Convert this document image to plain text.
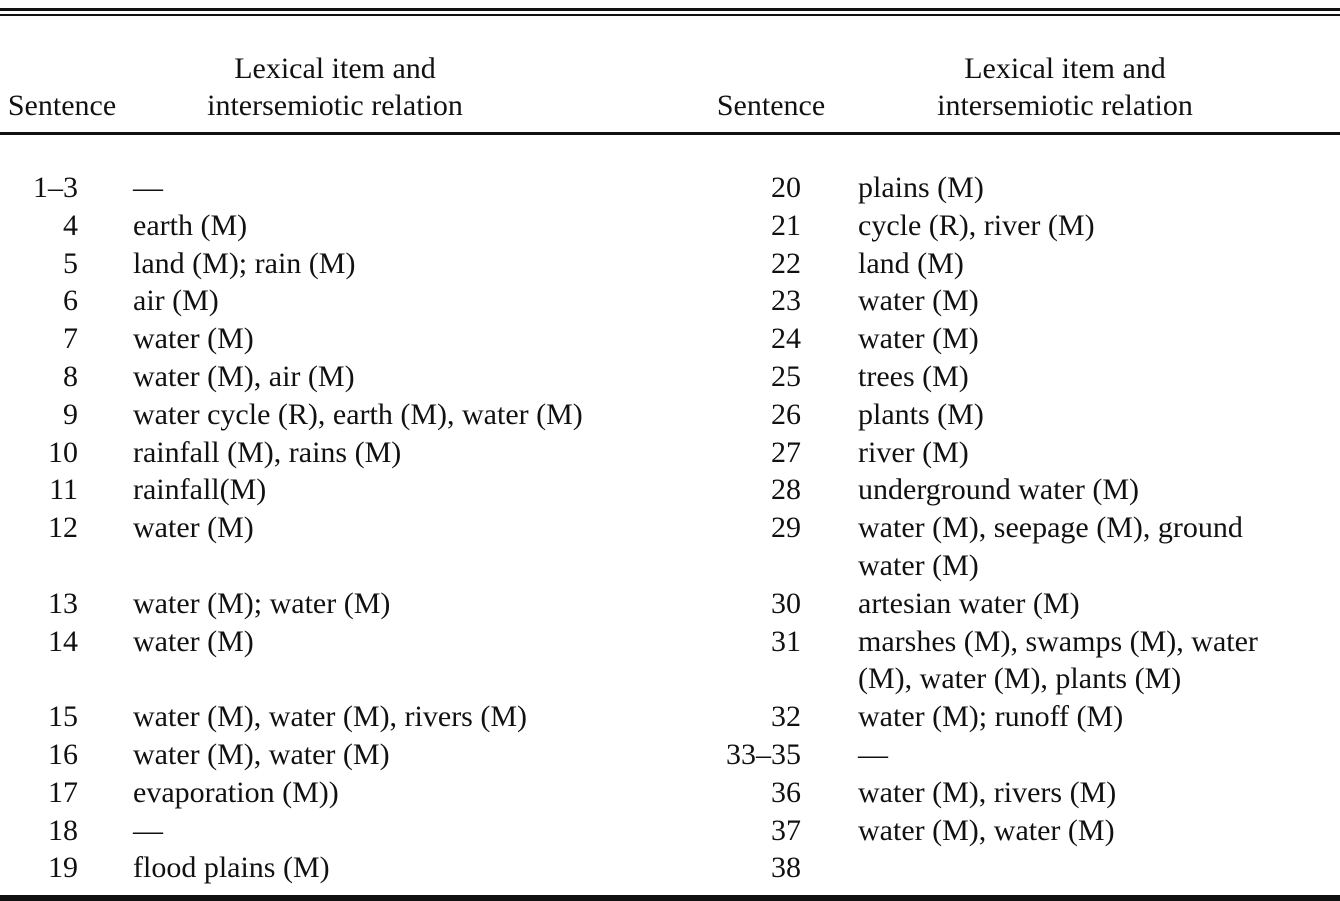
Sentence
Lexical item and
intersemiotic relation	Sentence
Lexical item and
intersemiotic relation
1–3 —
4 earth (M)
5 land (M); rain (M)
6 air (M)
7 water (M)
8 water (M), air (M)
9 water cycle (R), earth (M), water (M)
10 rainfall (M), rains (M)
11 rainfall(M)
12 water (M)
13 water (M); water (M)
14 water (M)
15 water (M), water (M), rivers (M)
16 water (M), water (M)
17 evaporation (M))
18 —
19 flood plains (M)
20 plains (M)
21 cycle (R), river (M)
22 land (M)
23 water (M)
24 water (M)
25 trees (M)
26 plants (M)
27 river (M)
28 underground water (M)
29 water (M), seepage (M), ground
water (M)
30 artesian water (M)
31 marshes (M), swamps (M), water
(M), water (M), plants (M)
32 water (M); runoff (M)
33–35 —
36 water (M), rivers (M)
37 water (M), water (M)
38
